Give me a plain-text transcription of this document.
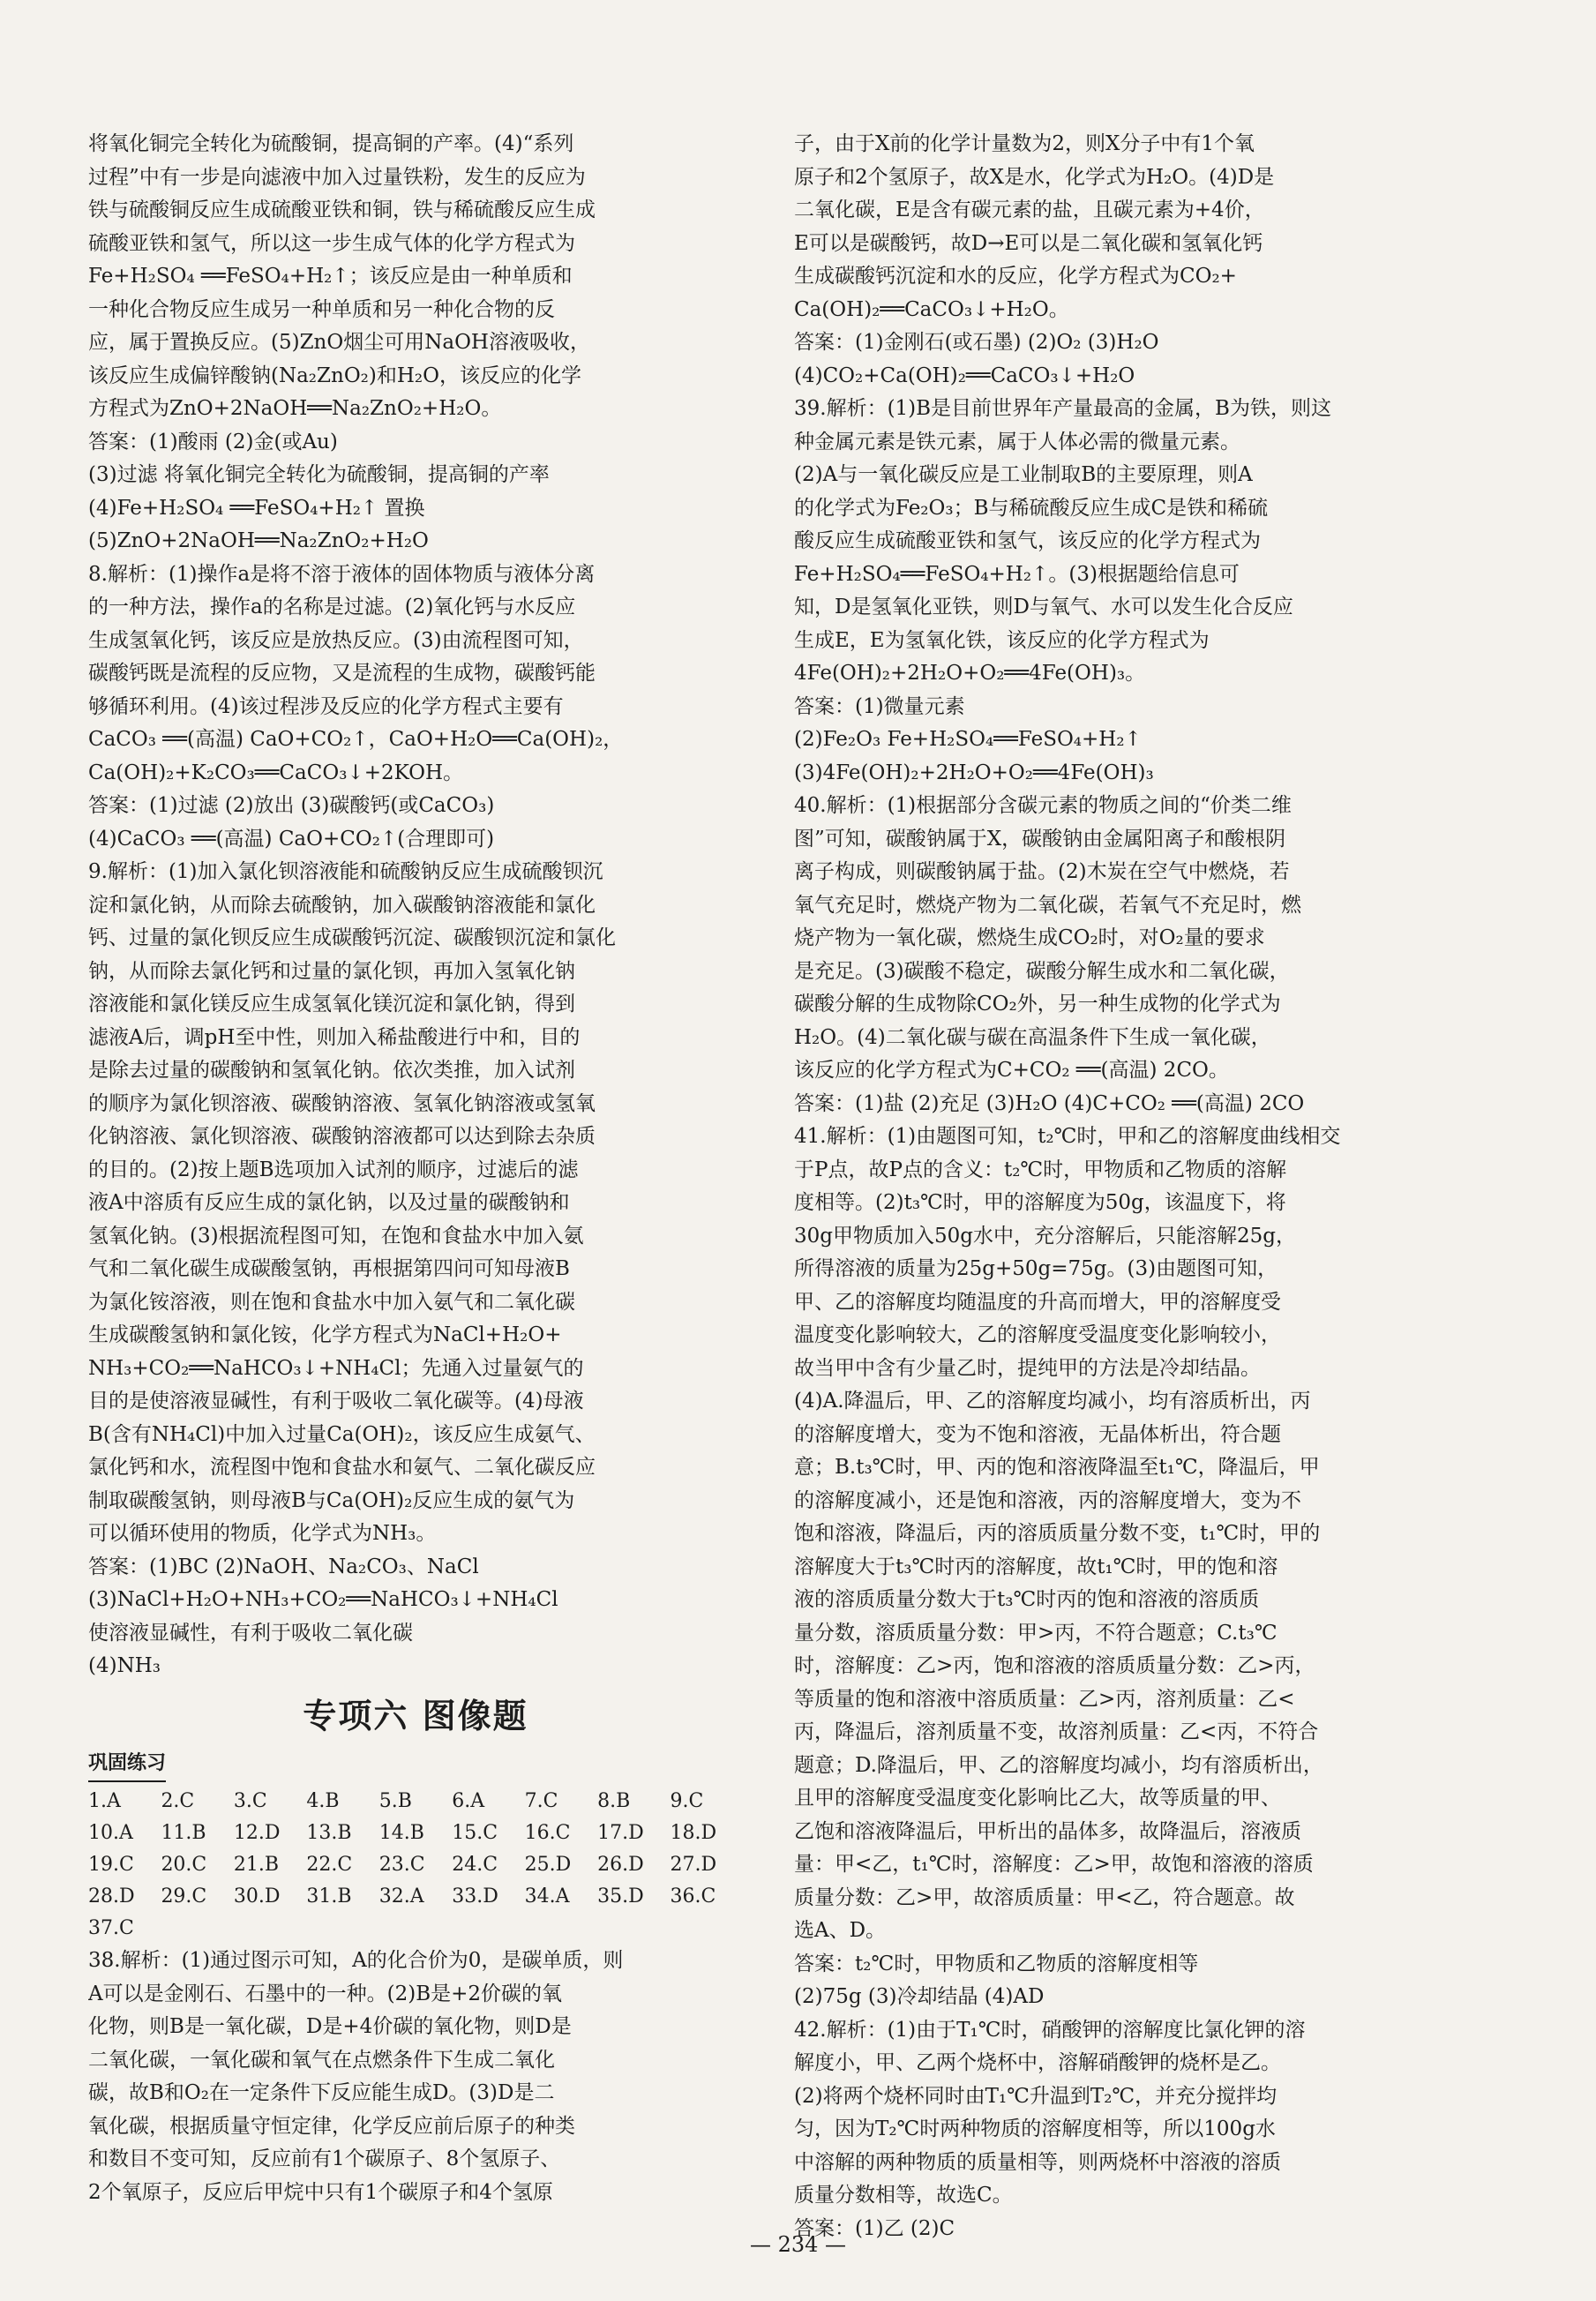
将氧化铜完全转化为硫酸铜，提高铜的产率。(4)“系列
过程”中有一步是向滤液中加入过量铁粉，发生的反应为
铁与硫酸铜反应生成硫酸亚铁和铜，铁与稀硫酸反应生成
硫酸亚铁和氢气，所以这一步生成气体的化学方程式为
Fe+H₂SO₄ ══FeSO₄+H₂↑；该反应是由一种单质和
一种化合物反应生成另一种单质和另一种化合物的反
应，属于置换反应。(5)ZnO烟尘可用NaOH溶液吸收，
该反应生成偏锌酸钠(Na₂ZnO₂)和H₂O，该反应的化学
方程式为ZnO+2NaOH══Na₂ZnO₂+H₂O。
答案：(1)酸雨 (2)金(或Au)
(3)过滤 将氧化铜完全转化为硫酸铜，提高铜的产率
(4)Fe+H₂SO₄ ══FeSO₄+H₂↑ 置换
(5)ZnO+2NaOH══Na₂ZnO₂+H₂O
8.解析：(1)操作a是将不溶于液体的固体物质与液体分离
的一种方法，操作a的名称是过滤。(2)氧化钙与水反应
生成氢氧化钙，该反应是放热反应。(3)由流程图可知，
碳酸钙既是流程的反应物，又是流程的生成物，碳酸钙能
够循环利用。(4)该过程涉及反应的化学方程式主要有
CaCO₃ ══(高温) CaO+CO₂↑，CaO+H₂O══Ca(OH)₂，
Ca(OH)₂+K₂CO₃══CaCO₃↓+2KOH。
答案：(1)过滤 (2)放出 (3)碳酸钙(或CaCO₃)
(4)CaCO₃ ══(高温) CaO+CO₂↑(合理即可)
9.解析：(1)加入氯化钡溶液能和硫酸钠反应生成硫酸钡沉
淀和氯化钠，从而除去硫酸钠，加入碳酸钠溶液能和氯化
钙、过量的氯化钡反应生成碳酸钙沉淀、碳酸钡沉淀和氯化
钠，从而除去氯化钙和过量的氯化钡，再加入氢氧化钠
溶液能和氯化镁反应生成氢氧化镁沉淀和氯化钠，得到
滤液A后，调pH至中性，则加入稀盐酸进行中和，目的
是除去过量的碳酸钠和氢氧化钠。依次类推，加入试剂
的顺序为氯化钡溶液、碳酸钠溶液、氢氧化钠溶液或氢氧
化钠溶液、氯化钡溶液、碳酸钠溶液都可以达到除去杂质
的目的。(2)按上题B选项加入试剂的顺序，过滤后的滤
液A中溶质有反应生成的氯化钠，以及过量的碳酸钠和
氢氧化钠。(3)根据流程图可知，在饱和食盐水中加入氨
气和二氧化碳生成碳酸氢钠，再根据第四问可知母液B
为氯化铵溶液，则在饱和食盐水中加入氨气和二氧化碳
生成碳酸氢钠和氯化铵，化学方程式为NaCl+H₂O+
NH₃+CO₂══NaHCO₃↓+NH₄Cl；先通入过量氨气的
目的是使溶液显碱性，有利于吸收二氧化碳等。(4)母液
B(含有NH₄Cl)中加入过量Ca(OH)₂，该反应生成氨气、
氯化钙和水，流程图中饱和食盐水和氨气、二氧化碳反应
制取碳酸氢钠，则母液B与Ca(OH)₂反应生成的氨气为
可以循环使用的物质，化学式为NH₃。
答案：(1)BC (2)NaOH、Na₂CO₃、NaCl
(3)NaCl+H₂O+NH₃+CO₂══NaHCO₃↓+NH₄Cl
使溶液显碱性，有利于吸收二氧化碳
(4)NH₃
专项六 图像题
巩固练习
1.A	2.C	3.C	4.B	5.B	6.A	7.C	8.B	9.C
10.A	11.B	12.D	13.B	14.B	15.C	16.C	17.D	18.D
19.C	20.C	21.B	22.C	23.C	24.C	25.D	26.D	27.D
28.D	29.C	30.D	31.B	32.A	33.D	34.A	35.D	36.C
37.C
38.解析：(1)通过图示可知，A的化合价为0，是碳单质，则
A可以是金刚石、石墨中的一种。(2)B是+2价碳的氧
化物，则B是一氧化碳，D是+4价碳的氧化物，则D是
二氧化碳，一氧化碳和氧气在点燃条件下生成二氧化
碳，故B和O₂在一定条件下反应能生成D。(3)D是二
氧化碳，根据质量守恒定律，化学反应前后原子的种类
和数目不变可知，反应前有1个碳原子、8个氢原子、
2个氧原子，反应后甲烷中只有1个碳原子和4个氢原
子，由于X前的化学计量数为2，则X分子中有1个氧
原子和2个氢原子，故X是水，化学式为H₂O。(4)D是
二氧化碳，E是含有碳元素的盐，且碳元素为+4价，
E可以是碳酸钙，故D→E可以是二氧化碳和氢氧化钙
生成碳酸钙沉淀和水的反应，化学方程式为CO₂+
Ca(OH)₂══CaCO₃↓+H₂O。
答案：(1)金刚石(或石墨) (2)O₂ (3)H₂O
(4)CO₂+Ca(OH)₂══CaCO₃↓+H₂O
39.解析：(1)B是目前世界年产量最高的金属，B为铁，则这
种金属元素是铁元素，属于人体必需的微量元素。
(2)A与一氧化碳反应是工业制取B的主要原理，则A
的化学式为Fe₂O₃；B与稀硫酸反应生成C是铁和稀硫
酸反应生成硫酸亚铁和氢气，该反应的化学方程式为
Fe+H₂SO₄══FeSO₄+H₂↑。(3)根据题给信息可
知，D是氢氧化亚铁，则D与氧气、水可以发生化合反应
生成E，E为氢氧化铁，该反应的化学方程式为
4Fe(OH)₂+2H₂O+O₂══4Fe(OH)₃。
答案：(1)微量元素
(2)Fe₂O₃ Fe+H₂SO₄══FeSO₄+H₂↑
(3)4Fe(OH)₂+2H₂O+O₂══4Fe(OH)₃
40.解析：(1)根据部分含碳元素的物质之间的“价类二维
图”可知，碳酸钠属于X，碳酸钠由金属阳离子和酸根阴
离子构成，则碳酸钠属于盐。(2)木炭在空气中燃烧，若
氧气充足时，燃烧产物为二氧化碳，若氧气不充足时，燃
烧产物为一氧化碳，燃烧生成CO₂时，对O₂量的要求
是充足。(3)碳酸不稳定，碳酸分解生成水和二氧化碳，
碳酸分解的生成物除CO₂外，另一种生成物的化学式为
H₂O。(4)二氧化碳与碳在高温条件下生成一氧化碳，
该反应的化学方程式为C+CO₂ ══(高温) 2CO。
答案：(1)盐 (2)充足 (3)H₂O (4)C+CO₂ ══(高温) 2CO
41.解析：(1)由题图可知，t₂℃时，甲和乙的溶解度曲线相交
于P点，故P点的含义：t₂℃时，甲物质和乙物质的溶解
度相等。(2)t₃℃时，甲的溶解度为50g，该温度下，将
30g甲物质加入50g水中，充分溶解后，只能溶解25g，
所得溶液的质量为25g+50g=75g。(3)由题图可知，
甲、乙的溶解度均随温度的升高而增大，甲的溶解度受
温度变化影响较大，乙的溶解度受温度变化影响较小，
故当甲中含有少量乙时，提纯甲的方法是冷却结晶。
(4)A.降温后，甲、乙的溶解度均减小，均有溶质析出，丙
的溶解度增大，变为不饱和溶液，无晶体析出，符合题
意；B.t₃℃时，甲、丙的饱和溶液降温至t₁℃，降温后，甲
的溶解度减小，还是饱和溶液，丙的溶解度增大，变为不
饱和溶液，降温后，丙的溶质质量分数不变，t₁℃时，甲的
溶解度大于t₃℃时丙的溶解度，故t₁℃时，甲的饱和溶
液的溶质质量分数大于t₃℃时丙的饱和溶液的溶质质
量分数，溶质质量分数：甲>丙，不符合题意；C.t₃℃
时，溶解度：乙>丙，饱和溶液的溶质质量分数：乙>丙，
等质量的饱和溶液中溶质质量：乙>丙，溶剂质量：乙<
丙，降温后，溶剂质量不变，故溶剂质量：乙<丙，不符合
题意；D.降温后，甲、乙的溶解度均减小，均有溶质析出，
且甲的溶解度受温度变化影响比乙大，故等质量的甲、
乙饱和溶液降温后，甲析出的晶体多，故降温后，溶液质
量：甲<乙，t₁℃时，溶解度：乙>甲，故饱和溶液的溶质
质量分数：乙>甲，故溶质质量：甲<乙，符合题意。故
选A、D。
答案：t₂℃时，甲物质和乙物质的溶解度相等
(2)75g (3)冷却结晶 (4)AD
42.解析：(1)由于T₁℃时，硝酸钾的溶解度比氯化钾的溶
解度小，甲、乙两个烧杯中，溶解硝酸钾的烧杯是乙。
(2)将两个烧杯同时由T₁℃升温到T₂℃，并充分搅拌均
匀，因为T₂℃时两种物质的溶解度相等，所以100g水
中溶解的两种物质的质量相等，则两烧杯中溶液的溶质
质量分数相等，故选C。
答案：(1)乙 (2)C
— 234 —
